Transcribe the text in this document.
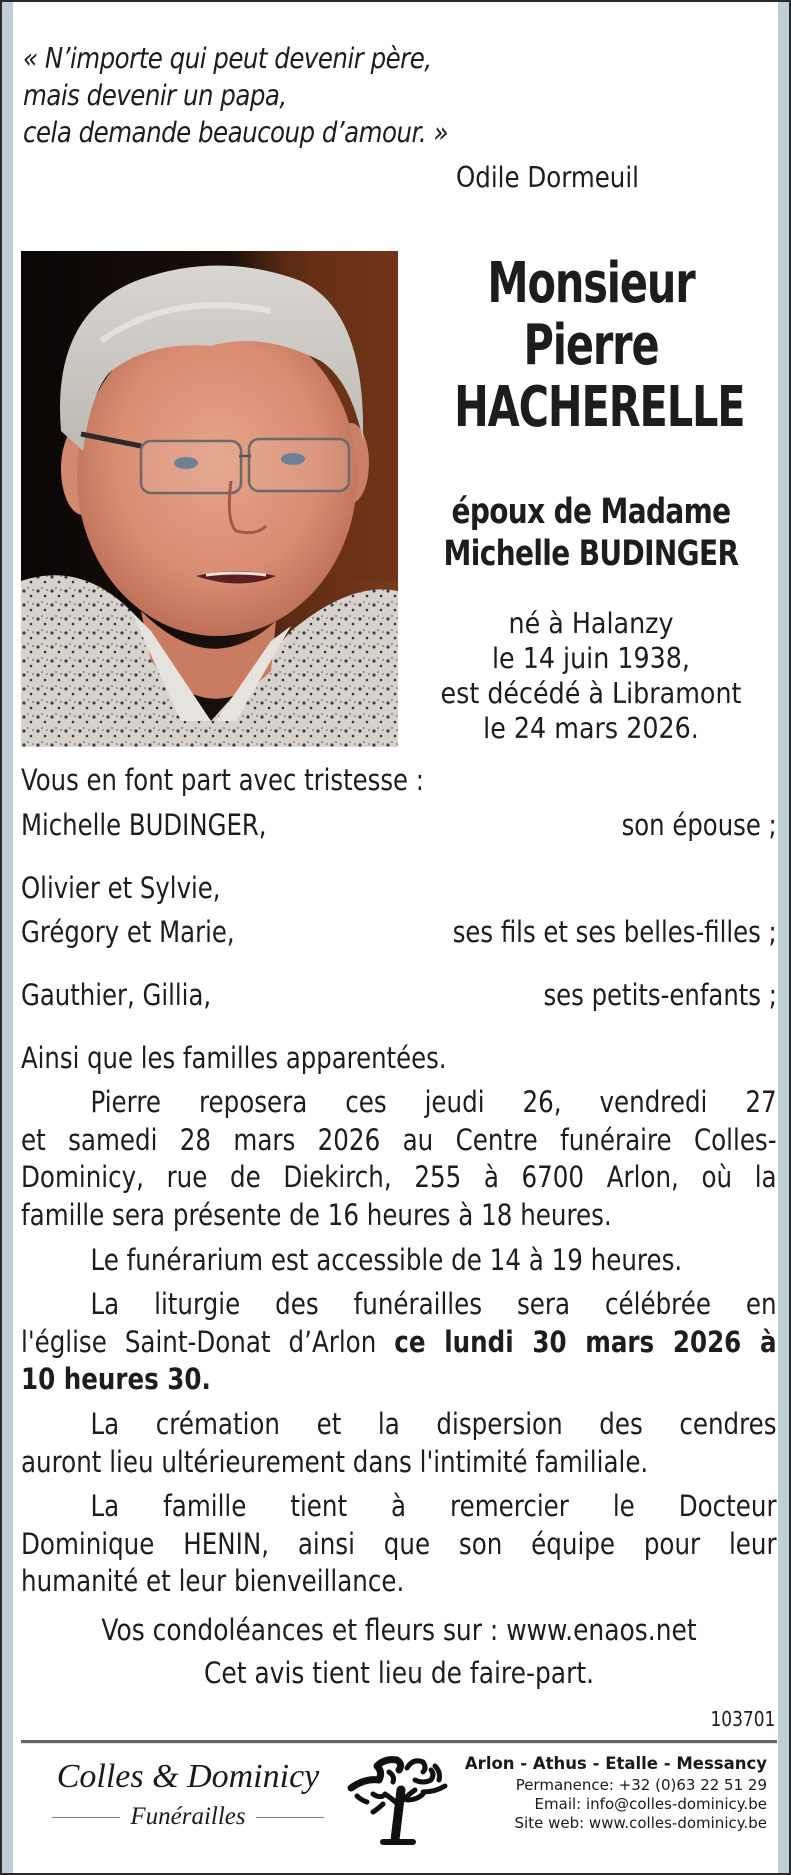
« N’importe qui peut devenir père,
mais devenir un papa,
cela demande beaucoup d’amour. »
Odile Dormeuil
Monsieur
Pierre
HACHERELLE
époux de Madame
Michelle BUDINGER
né à Halanzy
le 14 juin 1938,
est décédé à Libramont
le 24 mars 2026.
Vous en font part avec tristesse :
Michelle BUDINGER,	son épouse ;
Olivier et Sylvie,
Grégory et Marie,	ses fils et ses belles-filles ;
Gauthier, Gillia,	ses petits-enfants ;
Ainsi que les familles apparentées.
Pierre reposera ces jeudi 26, vendredi 27
et samedi 28 mars 2026 au Centre funéraire Colles-
Dominicy, rue de Diekirch, 255 à 6700 Arlon, où la
famille sera présente de 16 heures à 18 heures.
Le funérarium est accessible de 14 à 19 heures.
La liturgie des funérailles sera célébrée en
l'église Saint-Donat d’Arlon ce lundi 30 mars 2026 à
10 heures 30.
La crémation et la dispersion des cendres
auront lieu ultérieurement dans l'intimité familiale.
La famille tient à remercier le Docteur
Dominique HENIN, ainsi que son équipe pour leur
humanité et leur bienveillance.
Vos condoléances et fleurs sur : www.enaos.net
Cet avis tient lieu de faire-part.
103701
Colles & Dominicy
Funérailles
Arlon - Athus - Etalle - Messancy
Permanence: +32 (0)63 22 51 29
Email: info@colles-dominicy.be
Site web: www.colles-dominicy.be
